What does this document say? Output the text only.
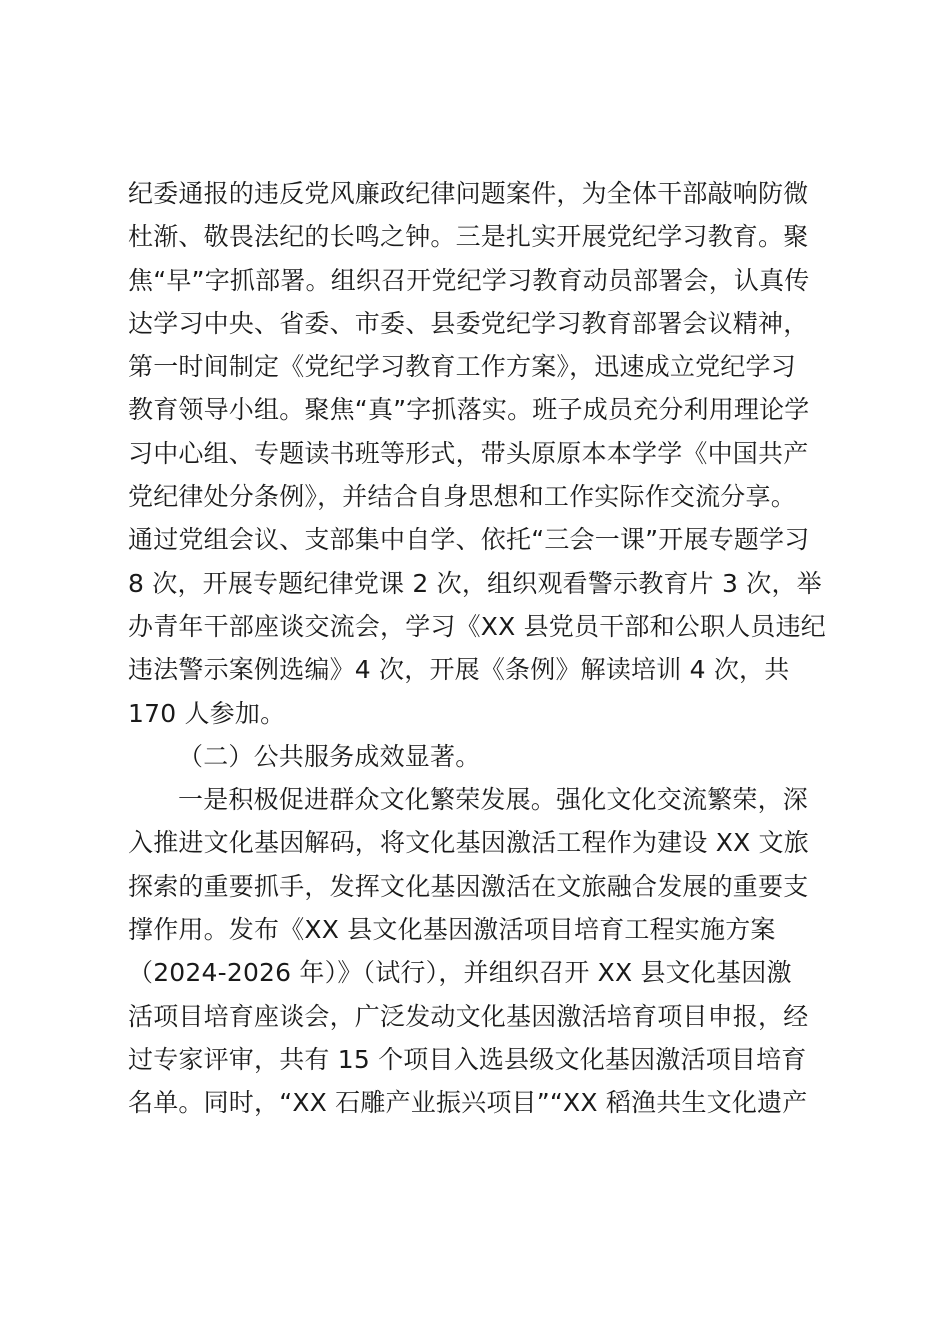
纪委通报的违反党风廉政纪律问题案件，为全体干部敲响防微
杜渐、敬畏法纪的长鸣之钟。三是扎实开展党纪学习教育。聚
焦“早”字抓部署。组织召开党纪学习教育动员部署会，认真传
达学习中央、省委、市委、县委党纪学习教育部署会议精神，
第一时间制定《党纪学习教育工作方案》，迅速成立党纪学习
教育领导小组。聚焦“真”字抓落实。班子成员充分利用理论学
习中心组、专题读书班等形式，带头原原本本学学《中国共产
党纪律处分条例》，并结合自身思想和工作实际作交流分享。
通过党组会议、支部集中自学、依托“三会一课”开展专题学习
8 次，开展专题纪律党课 2 次，组织观看警示教育片 3 次，举
办青年干部座谈交流会，学习《XX 县党员干部和公职人员违纪
违法警示案例选编》4 次，开展《条例》解读培训 4 次，共
170 人参加。
（二）公共服务成效显著。
一是积极促进群众文化繁荣发展。强化文化交流繁荣，深
入推进文化基因解码，将文化基因激活工程作为建设 XX 文旅
探索的重要抓手，发挥文化基因激活在文旅融合发展的重要支
撑作用。发布《XX 县文化基因激活项目培育工程实施方案
（2024-2026 年）》（试行），并组织召开 XX 县文化基因激
活项目培育座谈会，广泛发动文化基因激活培育项目申报，经
过专家评审，共有 15 个项目入选县级文化基因激活项目培育
名单。同时，“XX 石雕产业振兴项目”“XX 稻渔共生文化遗产
